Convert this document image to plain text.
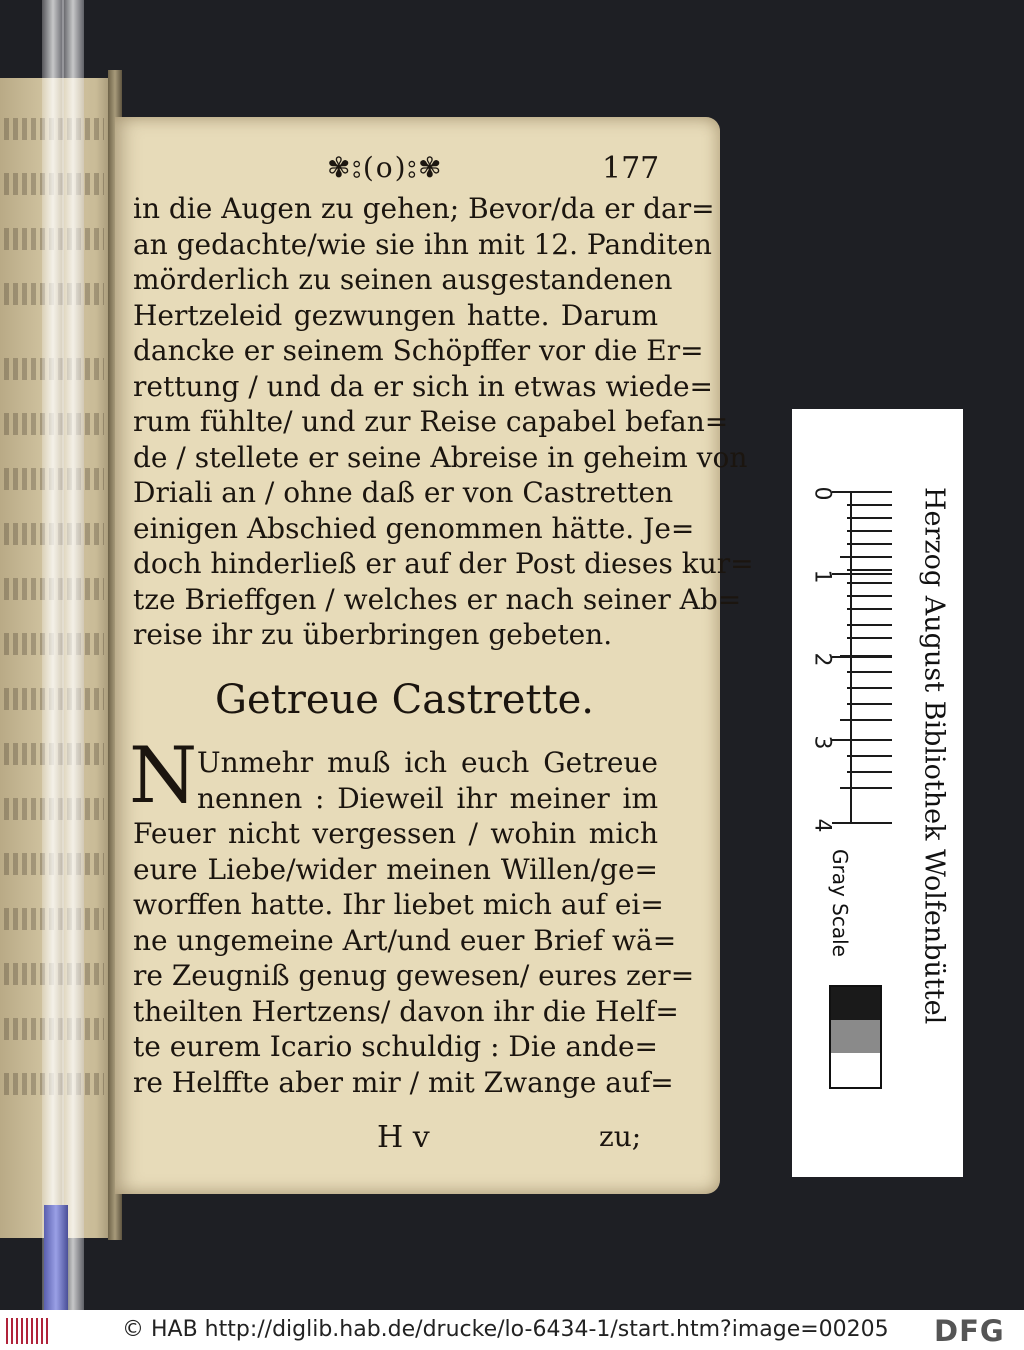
✾⦂(o)⦂✾	177
in die Augen zu gehen; Bevor/da er dar=
an gedachte/wie sie ihn mit 12. Panditen
mörderlich zu seinen ausgestandenen
Hertzeleid gezwungen hatte. Darum
dancke er seinem Schöpffer vor die Er=
rettung / und da er sich in etwas wiede=
rum fühlte/ und zur Reise capabel befan=
de / stellete er seine Abreise in geheim von
Driali an / ohne daß er von Castretten
einigen Abschied genommen hätte. Je=
doch hinderließ er auf der Post dieses kur=
tze Brieffgen / welches er nach seiner Ab=
reise ihr zu überbringen gebeten.
Getreue Castrette.
N Unmehr muß ich euch Getreue
nennen : Dieweil ihr meiner im
Feuer nicht vergessen / wohin mich
eure Liebe/wider meinen Willen/ge=
worffen hatte. Ihr liebet mich auf ei=
ne ungemeine Art/und euer Brief wä=
re Zeugniß genug gewesen/ eures zer=
theilten Hertzens/ davon ihr die Helf=
te eurem Icario schuldig : Die ande=
re Helffte aber mir / mit Zwange auf=
H v	zu;
0
1
2
3
4	Herzog August Bibliothek Wolfenbüttel
Gray Scale
© HAB http://diglib.hab.de/drucke/lo-6434-1/start.htm?image=00205 DFG
